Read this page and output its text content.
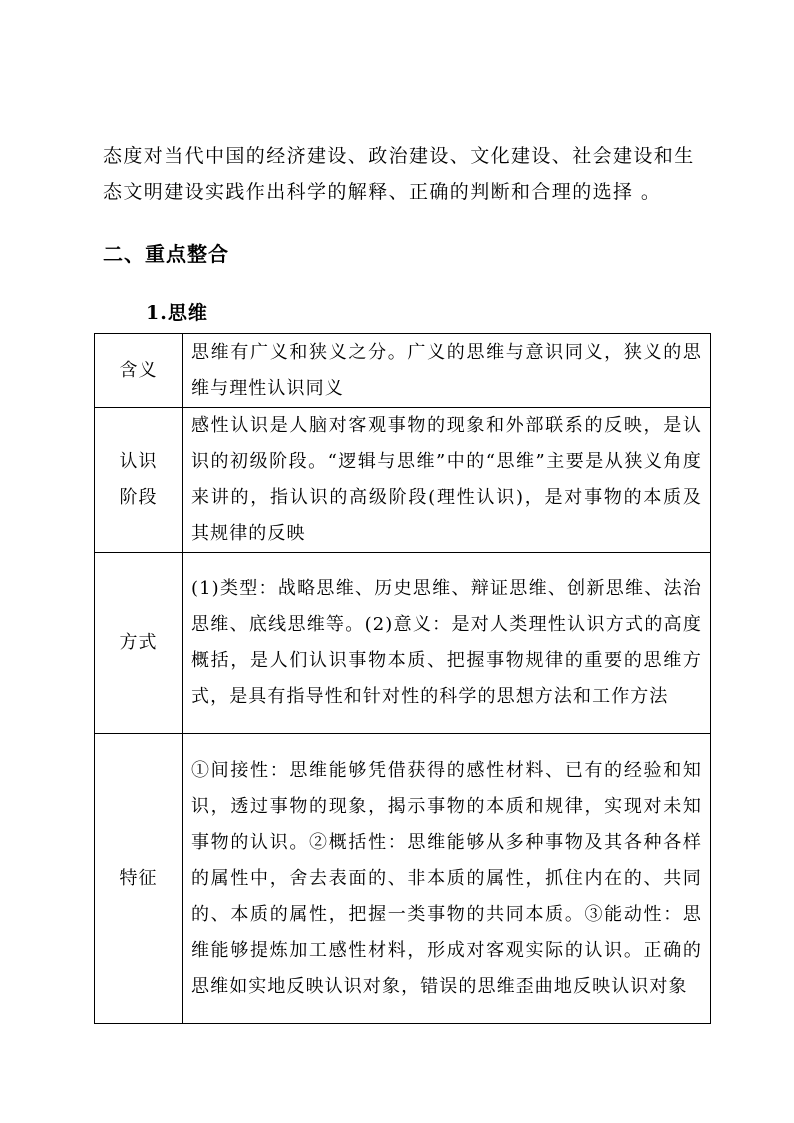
态度对当代中国的经济建设、政治建设、文化建设、社会建设和生态文明建设实践作出科学的解释、正确的判断和合理的选择 。

二、重点整合
1.思维
含义	思维有广义和狭义之分。广义的思维与意识同义，狭义的思维与理性认识同义
认识阶段	感性认识是人脑对客观事物的现象和外部联系的反映，是认识的初级阶段。“逻辑与思维”中的“思维”主要是从狭义角度来讲的，指认识的高级阶段(理性认识)，是对事物的本质及其规律的反映
方式	(1)类型：战略思维、历史思维、辩证思维、创新思维、法治思维、底线思维等。(2)意义：是对人类理性认识方式的高度概括，是人们认识事物本质、把握事物规律的重要的思维方式，是具有指导性和针对性的科学的思想方法和工作方法
特征	①间接性：思维能够凭借获得的感性材料、已有的经验和知识，透过事物的现象，揭示事物的本质和规律，实现对未知事物的认识。②概括性：思维能够从多种事物及其各种各样的属性中，舍去表面的、非本质的属性，抓住内在的、共同的、本质的属性，把握一类事物的共同本质。③能动性：思维能够提炼加工感性材料，形成对客观实际的认识。正确的思维如实地反映认识对象，错误的思维歪曲地反映认识对象
